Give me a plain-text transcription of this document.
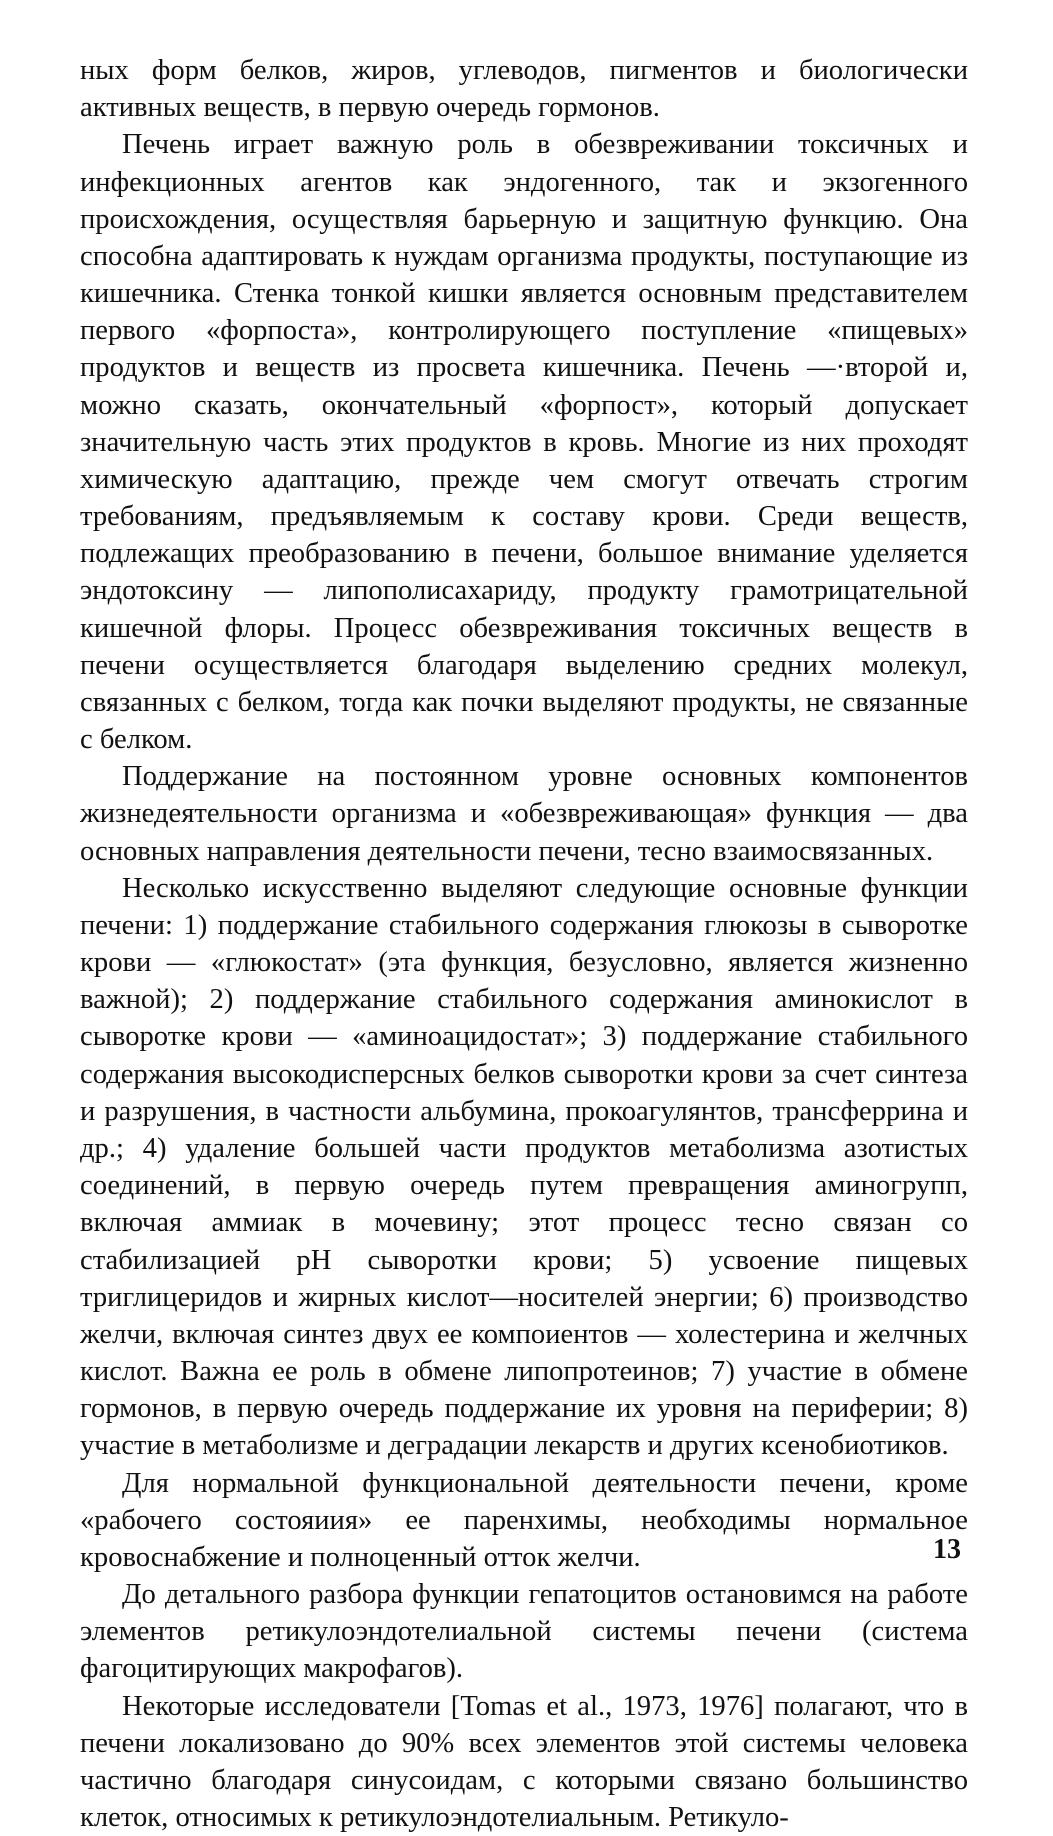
ных форм белков, жиров, углеводов, пигментов и биологически активных веществ, в первую очередь гормонов.

Печень играет важную роль в обезвреживании токсичных и инфекционных агентов как эндогенного, так и экзогенного происхождения, осуществляя барьерную и защитную функцию. Она способна адаптировать к нуждам организма продукты, поступающие из кишечника. Стенка тонкой кишки является основным представителем первого «форпоста», контролирующего поступление «пищевых» продуктов и веществ из просвета кишечника. Печень —·второй и, можно сказать, окончательный «форпост», который допускает значительную часть этих продуктов в кровь. Многие из них проходят химическую адаптацию, прежде чем смогут отвечать строгим требованиям, предъявляемым к составу крови. Среди веществ, подлежащих преобразованию в печени, большое внимание уделяется эндотоксину — липополисахариду, продукту грамотрицательной кишечной флоры. Процесс обезвреживания токсичных веществ в печени осуществляется благодаря выделению средних молекул, связанных с белком, тогда как почки выделяют продукты, не связанные с белком.

Поддержание на постоянном уровне основных компонентов жизнедеятельности организма и «обезвреживающая» функция — два основных направления деятельности печени, тесно взаимосвязанных.

Несколько искусственно выделяют следующие основные функции печени: 1) поддержание стабильного содержания глюкозы в сыворотке крови — «глюкостат» (эта функция, безусловно, является жизненно важной); 2) поддержание стабильного содержания аминокислот в сыворотке крови — «аминоацидостат»; 3) поддержание стабильного содержания высокодисперсных белков сыворотки крови за счет синтеза и разрушения, в частности альбумина, прокоагулянтов, трансферрина и др.; 4) удаление большей части продуктов метаболизма азотистых соединений, в первую очередь путем превращения аминогрупп, включая аммиак в мочевину; этот процесс тесно связан со стабилизацией pH сыворотки крови; 5) усвоение пищевых триглицеридов и жирных кислот—носителей энергии; 6) производство желчи, включая синтез двух ее компоиентов — холестерина и желчных кислот. Важна ее роль в обмене липопротеинов; 7) участие в обмене гормонов, в первую очередь поддержание их уровня на периферии; 8) участие в метаболизме и деградации лекарств и других ксенобиотиков.

Для нормальной функциональной деятельности печени, кроме «рабочего состояиия» ее паренхимы, необходимы нормальное кровоснабжение и полноценный отток желчи.

До детального разбора функции гепатоцитов остановимся на работе элементов ретикулоэндотелиальной системы печени (система фагоцитирующих макрофагов).

Некоторые исследователи [Tomas et al., 1973, 1976] полагают, что в печени локализовано до 90% всех элементов этой системы человека частично благодаря синусоидам, с которыми связано большинство клеток, относимых к ретикулоэндотелиальным. Ретикуло-

13
